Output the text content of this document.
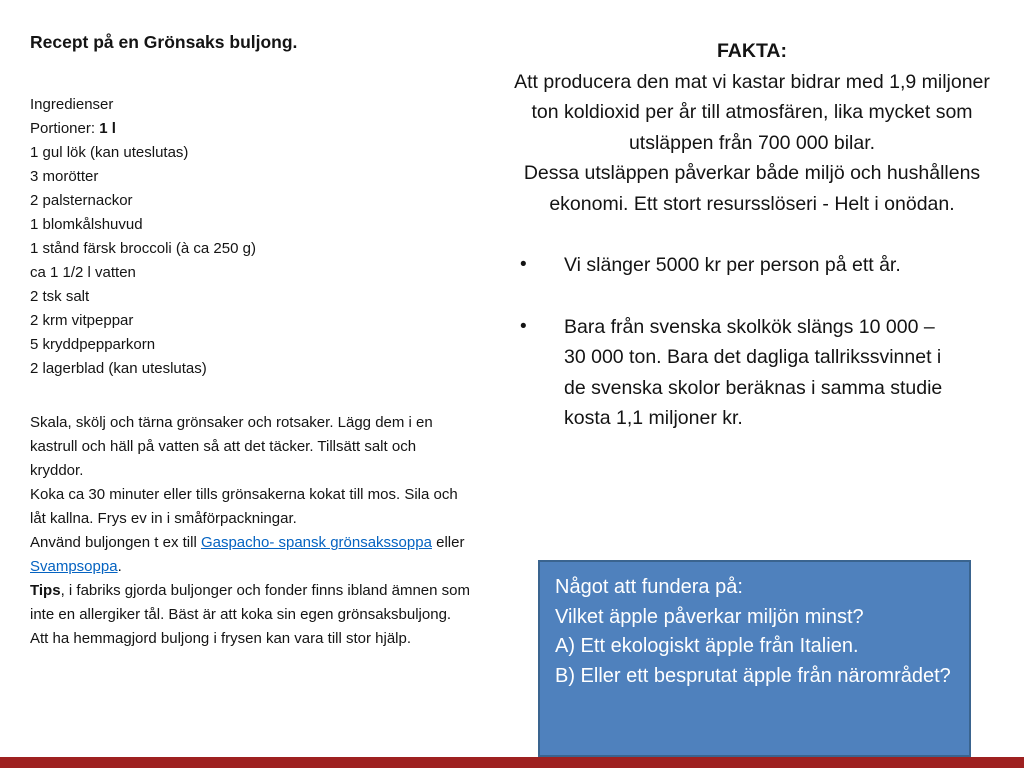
Recept på en Grönsaks buljong.
Ingredienser
Portioner: 1 l
1 gul lök (kan uteslutas)
3 morötter
2 palsternackor
1 blomkålshuvud
1 stånd färsk broccoli (à ca 250 g)
ca 1 1/2 l vatten
2 tsk salt
2 krm vitpeppar
5 kryddpepparkorn
2 lagerblad (kan uteslutas)
Skala, skölj och tärna grönsaker och rotsaker. Lägg dem i en kastrull och häll på vatten så att det täcker. Tillsätt salt och kryddor.
Koka ca 30 minuter eller tills grönsakerna kokat till mos. Sila och låt kallna. Frys ev in i småförpackningar.
Använd buljongen t ex till Gaspacho- spansk grönsakssoppa eller Svampsoppa.
Tips, i fabriks gjorda buljonger och fonder finns ibland ämnen som inte en allergiker tål. Bäst är att koka sin egen grönsaksbuljong. Att ha hemmagjord buljong i frysen kan vara till stor hjälp.
FAKTA:
Att producera den mat vi kastar bidrar med 1,9 miljoner ton koldioxid per år till atmosfären, lika mycket som utsläppen från 700 000 bilar.
Dessa utsläppen påverkar både miljö och hushållens ekonomi. Ett stort resursslöseri - Helt i onödan.
•	Vi slänger 5000 kr per person på ett år.
•	Bara från svenska skolkök slängs 10 000 – 30 000 ton. Bara det dagliga tallrikssvinnet i de svenska skolor beräknas i samma studie kosta 1,1 miljoner kr.
Något att fundera på:
Vilket äpple påverkar miljön minst?
A) Ett ekologiskt äpple från Italien.
B) Eller ett besprutat äpple från närområdet?
